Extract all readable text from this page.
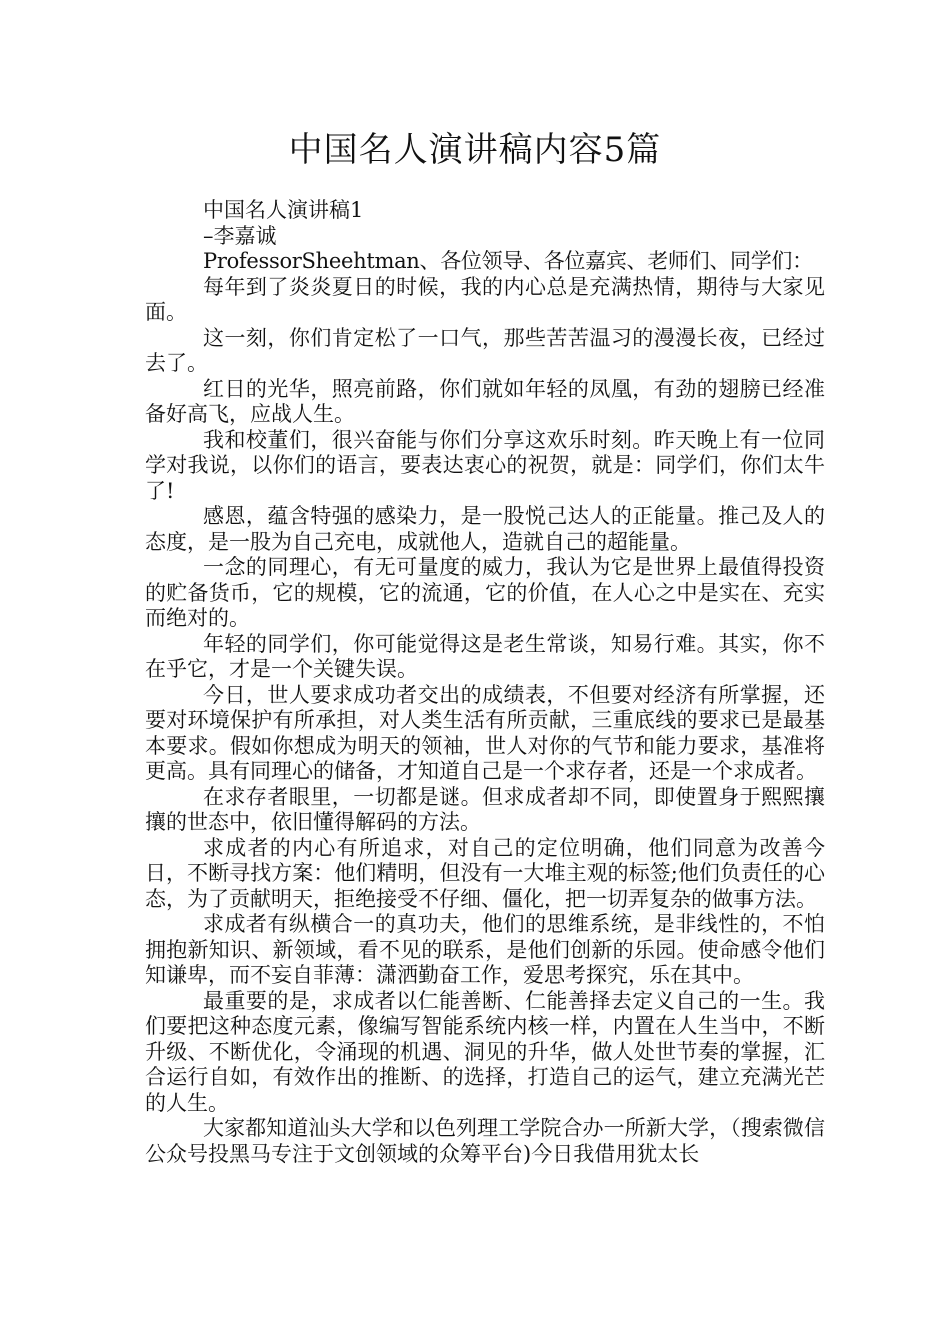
中国名人演讲稿内容5篇

中国名人演讲稿1

–李嘉诚

ProfessorSheehtman、各位领导、各位嘉宾、老师们、同学们：

每年到了炎炎夏日的时候，我的内心总是充满热情，期待与大家见面。

这一刻，你们肯定松了一口气，那些苦苦温习的漫漫长夜，已经过去了。

红日的光华，照亮前路，你们就如年轻的凤凰，有劲的翅膀已经准备好高飞，应战人生。

我和校董们，很兴奋能与你们分享这欢乐时刻。昨天晚上有一位同学对我说，以你们的语言，要表达衷心的祝贺，就是：同学们，你们太牛了!

感恩，蕴含特强的感染力，是一股悦己达人的正能量。推己及人的态度，是一股为自己充电，成就他人，造就自己的超能量。

一念的同理心，有无可量度的威力，我认为它是世界上最值得投资的贮备货币，它的规模，它的流通，它的价值，在人心之中是实在、充实而绝对的。

年轻的同学们，你可能觉得这是老生常谈，知易行难。其实，你不在乎它，才是一个关键失误。

今日，世人要求成功者交出的成绩表，不但要对经济有所掌握，还要对环境保护有所承担，对人类生活有所贡献，三重底线的要求已是最基本要求。假如你想成为明天的领袖，世人对你的气节和能力要求，基准将更高。具有同理心的储备，才知道自己是一个求存者，还是一个求成者。

在求存者眼里，一切都是谜。但求成者却不同，即使置身于熙熙攘攘的世态中，依旧懂得解码的方法。

求成者的内心有所追求，对自己的定位明确，他们同意为改善今日，不断寻找方案：他们精明，但没有一大堆主观的标签;他们负责任的心态，为了贡献明天，拒绝接受不仔细、僵化，把一切弄复杂的做事方法。

求成者有纵横合一的真功夫，他们的思维系统，是非线性的，不怕拥抱新知识、新领域，看不见的联系，是他们创新的乐园。使命感令他们知谦卑，而不妄自菲薄：潇洒勤奋工作，爱思考探究，乐在其中。

最重要的是，求成者以仁能善断、仁能善择去定义自己的一生。我们要把这种态度元素，像编写智能系统内核一样，内置在人生当中，不断升级、不断优化，令涌现的机遇、洞见的升华，做人处世节奏的掌握，汇合运行自如，有效作出的推断、的选择，打造自己的运气，建立充满光芒的人生。

大家都知道汕头大学和以色列理工学院合办一所新大学，（搜索微信公众号投黑马专注于文创领域的众筹平台)今日我借用犹太长
